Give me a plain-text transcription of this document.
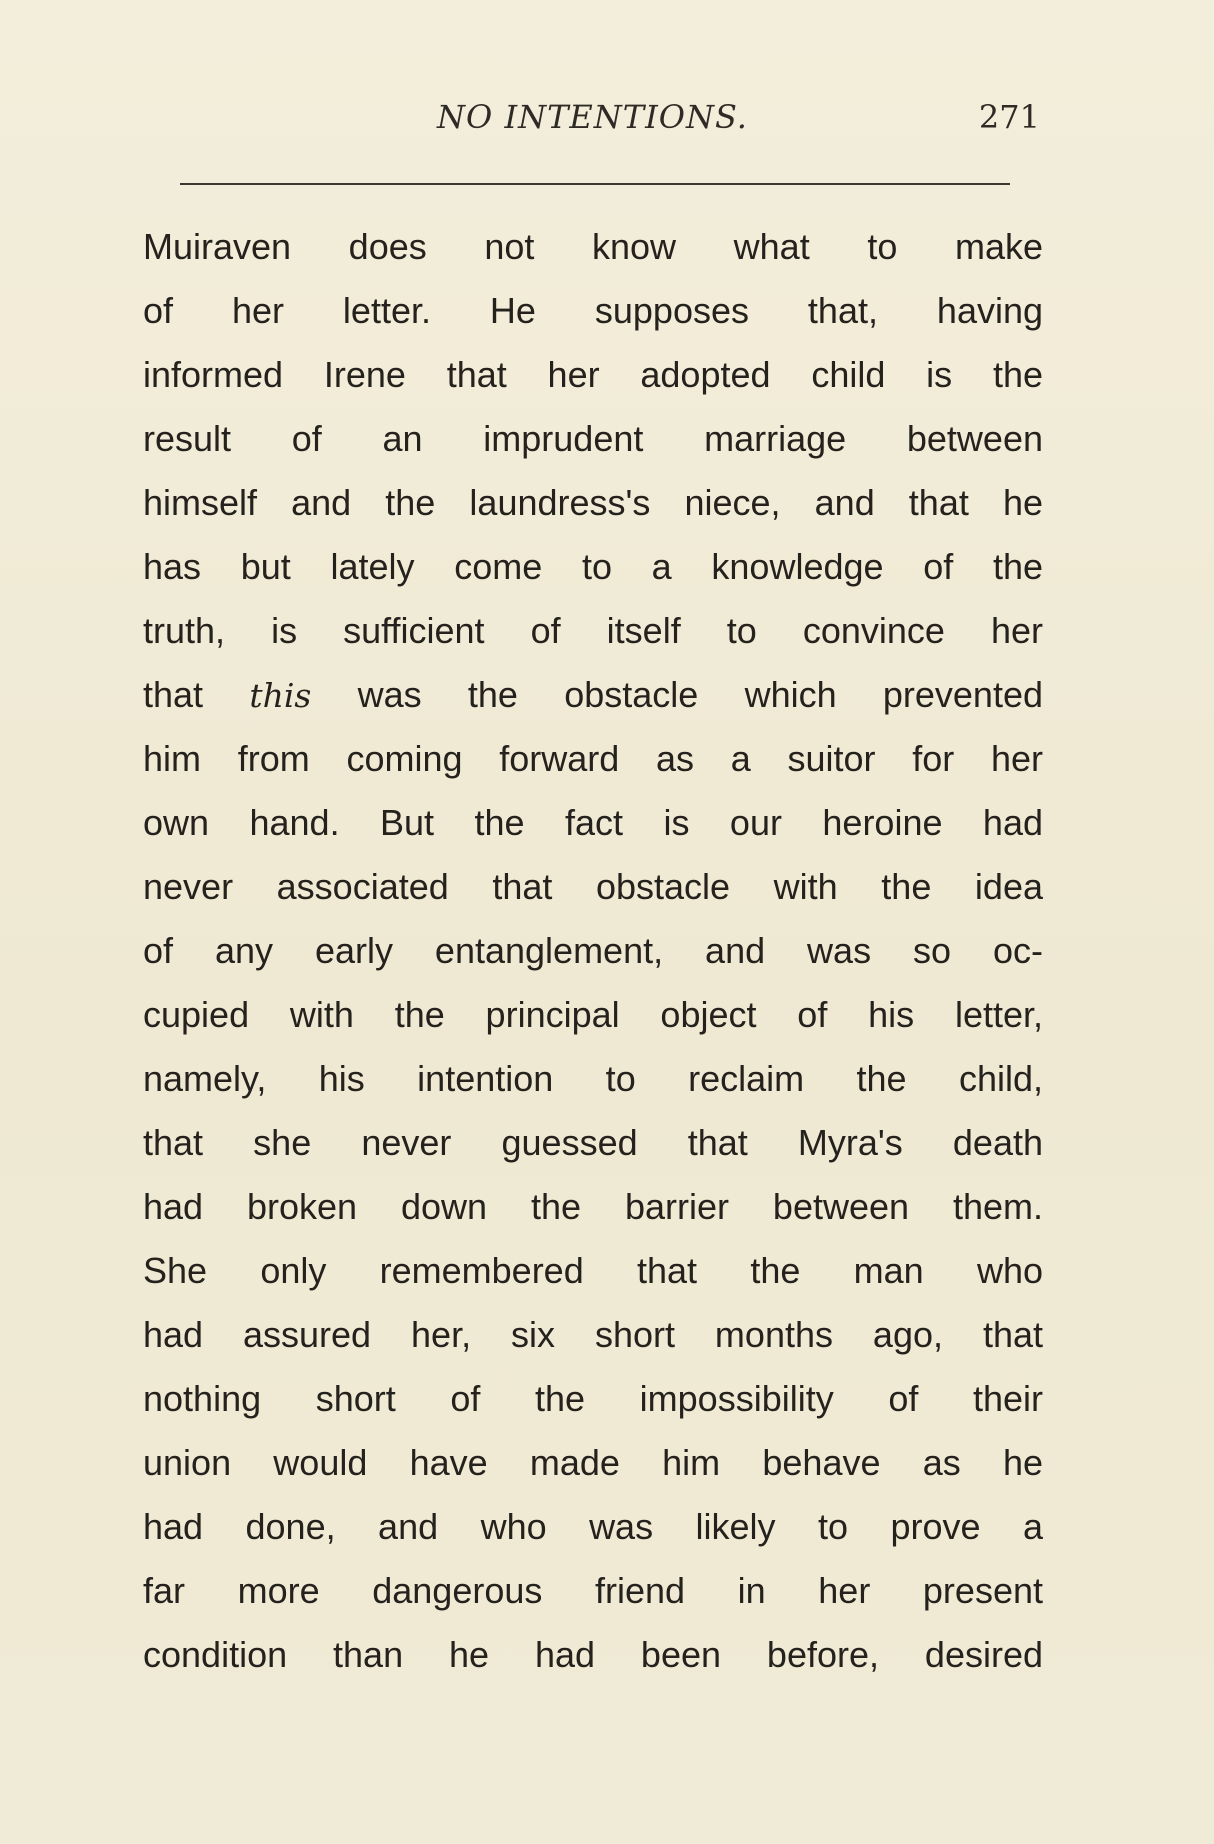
NO INTENTIONS.	271
Muiraven does not know what to make
of her letter. He supposes that, having
informed Irene that her adopted child is the
result of an imprudent marriage between
himself and the laundress's niece, and that he
has but lately come to a knowledge of the
truth, is sufficient of itself to convince her
that this was the obstacle which prevented
him from coming forward as a suitor for her
own hand. But the fact is our heroine had
never associated that obstacle with the idea
of any early entanglement, and was so oc-
cupied with the principal object of his letter,
namely, his intention to reclaim the child,
that she never guessed that Myra's death
had broken down the barrier between them.
She only remembered that the man who
had assured her, six short months ago, that
nothing short of the impossibility of their
union would have made him behave as he
had done, and who was likely to prove a
far more dangerous friend in her present
condition than he had been before, desired
